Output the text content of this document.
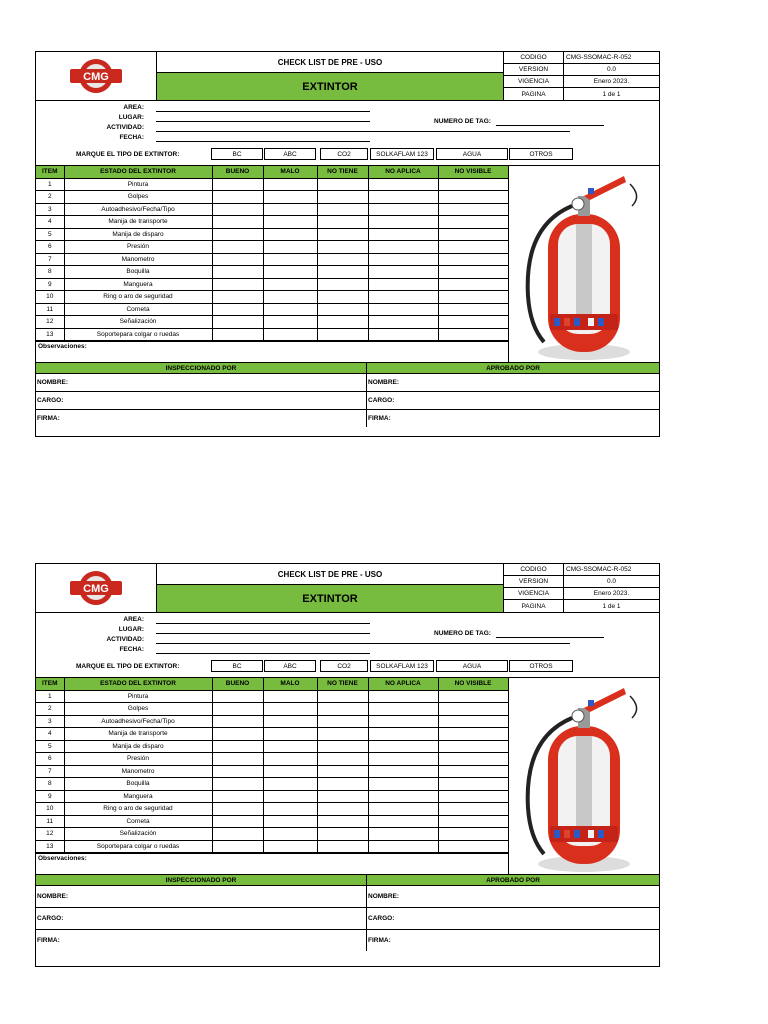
CMG
CHECK LIST DE PRE - USO
EXTINTOR
CODIGO	CMG-SSOMAC-R-052
VERSION	0.0
VIGENCIA	Enero 2023.
PAGINA	1 de 1
AREA:
LUGAR:
ACTIVIDAD:
FECHA:
NUMERO DE TAG:
MARQUE EL TIPO DE EXTINTOR:	BC	ABC	CO2	SOLKAFLAM 123	AGUA	OTROS
ITEM	ESTADO DEL EXTINTOR	BUENO	MALO	NO TIENE	NO APLICA	NO VISIBLE
1	Pintura					
2	Golpes					
3	Autoadhesivo/Fecha/Tipo					
4	Manija de transporte					
5	Manija de disparo					
6	Presión					
7	Manometro					
8	Boquilla					
9	Manguera					
10	Ring o aro de seguridad					
11	Corneta					
12	Señalización					
13	Soportepara colgar o ruedas					
Observaciones:
INSPECCIONADO POR
NOMBRE:
CARGO:
FIRMA:
APROBADO POR
NOMBRE:
CARGO:
FIRMA:
CMG
CHECK LIST DE PRE - USO
EXTINTOR
CODIGO	CMG-SSOMAC-R-052
VERSION	0.0
VIGENCIA	Enero 2023.
PAGINA	1 de 1
AREA:
LUGAR:
ACTIVIDAD:
FECHA:
NUMERO DE TAG:
MARQUE EL TIPO DE EXTINTOR:	BC	ABC	CO2	SOLKAFLAM 123	AGUA	OTROS
ITEM	ESTADO DEL EXTINTOR	BUENO	MALO	NO TIENE	NO APLICA	NO VISIBLE
1	Pintura					
2	Golpes					
3	Autoadhesivo/Fecha/Tipo					
4	Manija de transporte					
5	Manija de disparo					
6	Presión					
7	Manometro					
8	Boquilla					
9	Manguera					
10	Ring o aro de seguridad					
11	Corneta					
12	Señalización					
13	Soportepara colgar o ruedas					
Observaciones:
INSPECCIONADO POR
NOMBRE:
CARGO:
FIRMA:
APROBADO POR
NOMBRE:
CARGO:
FIRMA:
